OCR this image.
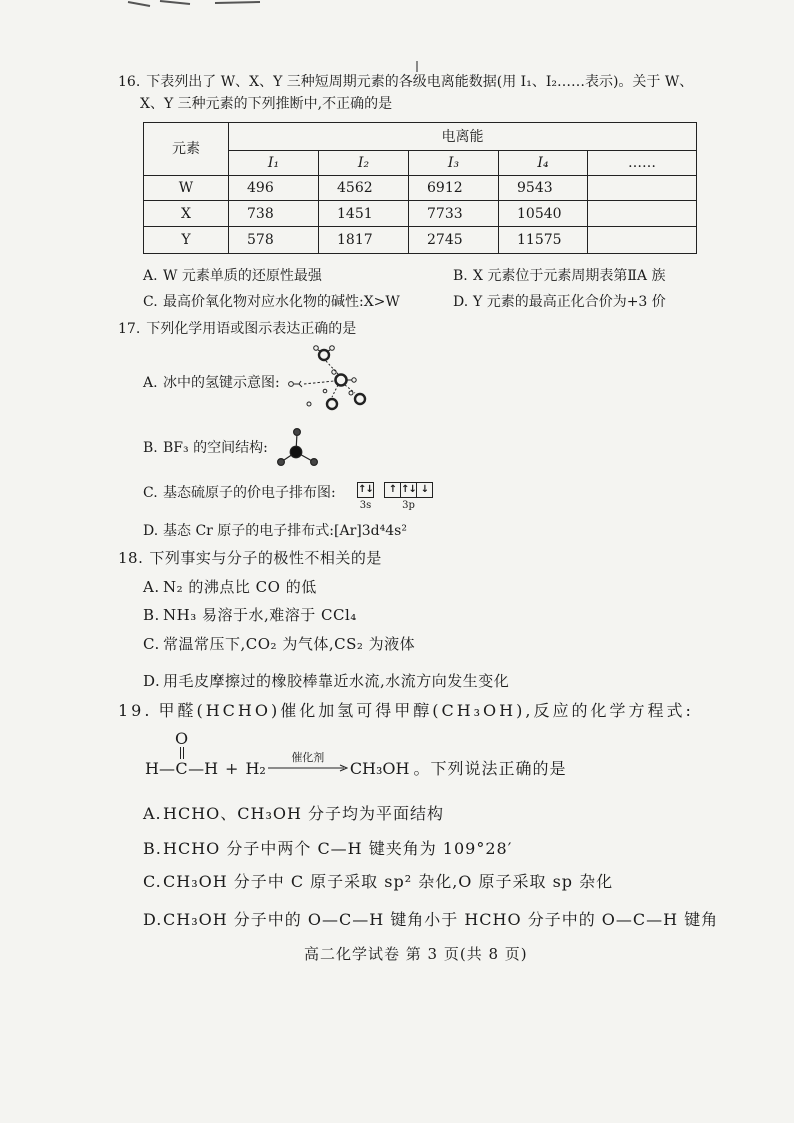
16. 下表列出了 W、X、Y 三种短周期元素的各级电离能数据(用 I₁、I₂……表示)。关于 W、
X、Y 三种元素的下列推断中,不正确的是
元素	电离能				
	I₁	I₂	I₃	I₄	……
W	496	4562	6912	9543	
X	738	1451	7733	10540	
Y	578	1817	2745	11575	
A. W 元素单质的还原性最强	B. X 元素位于元素周期表第ⅡA 族
C. 最高价氧化物对应水化物的碱性:X>W	D. Y 元素的最高正化合价为+3 价
17. 下列化学用语或图示表达正确的是
A. 冰中的氢键示意图:
B. BF₃ 的空间结构:
C. 基态硫原子的价电子排布图: ↑↓
3s
↑ ↑↓ ↓
3p
D. 基态 Cr 原子的电子排布式:[Ar]3d⁴4s²
18. 下列事实与分子的极性不相关的是
A. N₂ 的沸点比 CO 的低
B. NH₃ 易溶于水,难溶于 CCl₄
C. 常温常压下,CO₂ 为气体,CS₂ 为液体
D. 用毛皮摩擦过的橡胶棒靠近水流,水流方向发生变化
19. 甲醛(HCHO)催化加氢可得甲醇(CH₃OH),反应的化学方程式:
H —
O
C — H + H₂
催化剂
CH₃OH 。下列说法正确的是
A.HCHO、CH₃OH 分子均为平面结构
B.HCHO 分子中两个 C—H 键夹角为 109°28′
C.CH₃OH 分子中 C 原子采取 sp² 杂化,O 原子采取 sp 杂化
D.CH₃OH 分子中的 O—C—H 键角小于 HCHO 分子中的 O—C—H 键角
高二化学试卷 第 3 页(共 8 页)
